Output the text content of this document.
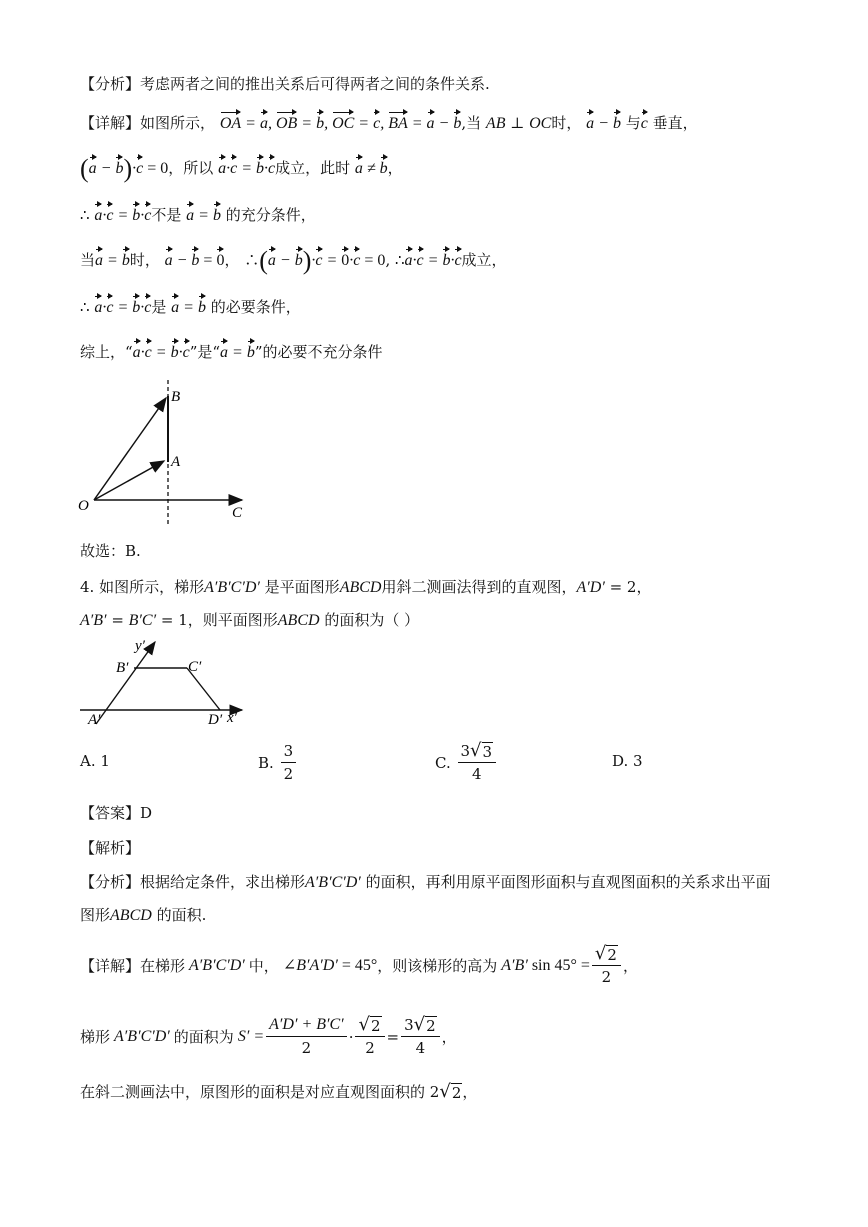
【分析】考虑两者之间的推出关系后可得两者之间的条件关系.
【详解】如图所示， OA = a, OB = b, OC = c, BA = a − b,当 AB ⊥ OC时， a − b 与c 垂直，
(a − b)·c = 0，所以 a·c = b·c成立，此时 a ≠ b，
∴ a·c = b·c不是 a = b 的充分条件，
当a = b时， a − b = 0， ∴(a − b)·c = 0·c = 0, ∴a·c = b·c成立，
∴ a·c = b·c是 a = b 的必要条件，
综上，“a·c = b·c”是“a = b”的必要不充分条件
B
A
O	C
故选：B.
4. 如图所示，梯形A′B′C′D′ 是平面图形ABCD用斜二测画法得到的直观图，A′D′ = 2，
A′B′ = B′C′ = 1，则平面图形ABCD 的面积为（ ）
y′
B′	C′
A′	D′ x′
A. 1	B.
$\frac{3}{2}$	C.
$\frac{3 √ 3}{4}$	D. 3
【答案】D
【解析】
【分析】根据给定条件，求出梯形A′B′C′D′ 的面积，再利用原平面图形面积与直观图面积的关系求出平面
图形ABCD 的面积.
【详解】在梯形 A′B′C′D′ 中， ∠B′A′D′ = 45° ，则该梯形的高为 A′B′ $\sin 45^\circ = \frac{√ 2}{2}$ ，
梯形 A′B′C′D′ 的面积为 $S' = \frac{A'D' + B'C'}{2} \cdot \frac{√ 2}{2} = \frac{3 √ 2}{4}$ ，
在斜二测画法中，原图形的面积是对应直观图面积的 2 √ 2 ，
